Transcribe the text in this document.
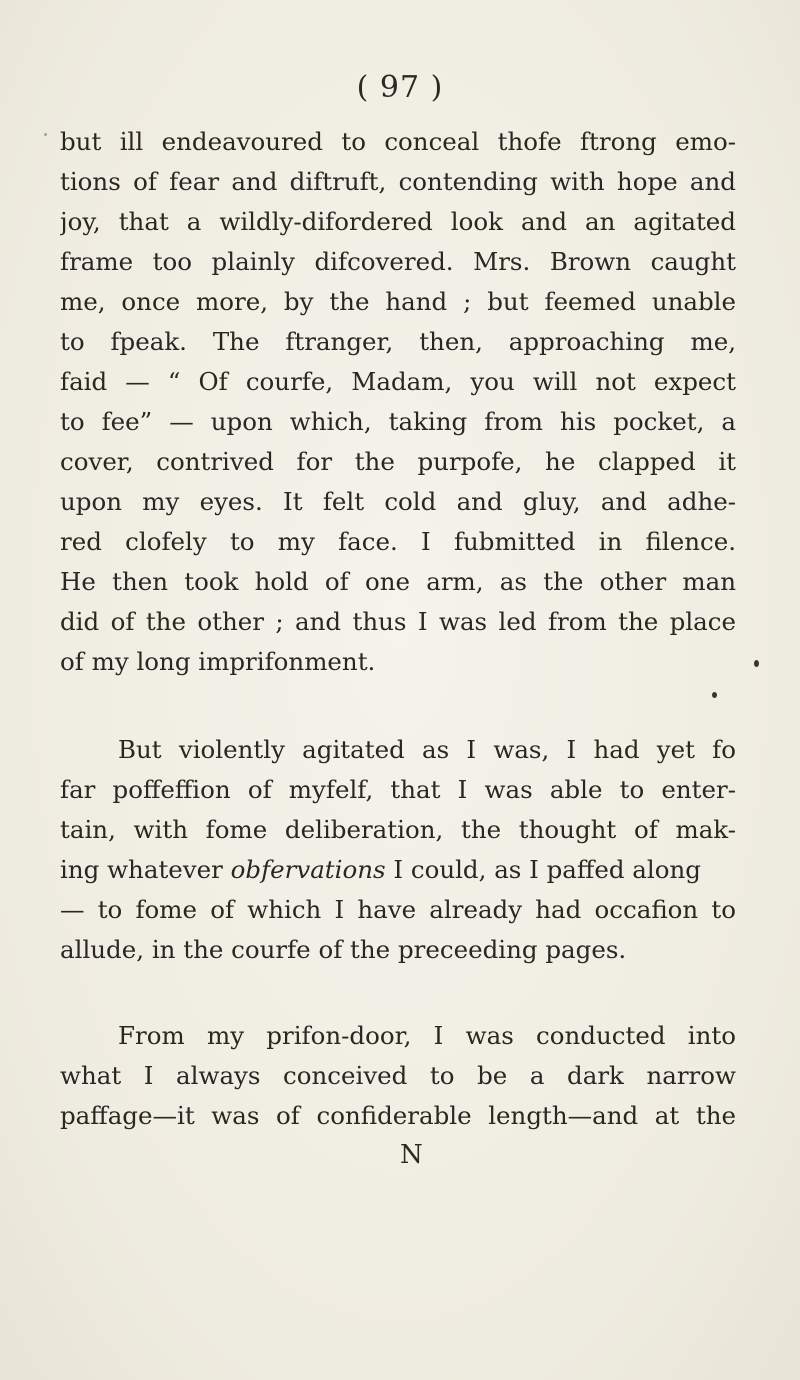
( 97 )
but ill endeavoured to conceal thofe ftrong emo-
tions of fear and diftruft, contending with hope and
joy, that a wildly-difordered look and an agitated
frame too plainly difcovered. Mrs. Brown caught
me, once more, by the hand ; but feemed unable
to fpeak. The ftranger, then, approaching me,
faid — “ Of courfe, Madam, you will not expect
to fee” — upon which, taking from his pocket, a
cover, contrived for the purpofe, he clapped it
upon my eyes. It felt cold and gluy, and adhe-
red clofely to my face. I fubmitted in filence.
He then took hold of one arm, as the other man
did of the other ; and thus I was led from the place
of my long imprifonment.
But violently agitated as I was, I had yet fo
far poffeffion of myfelf, that I was able to enter-
tain, with fome deliberation, the thought of mak-
ing whatever obfervations I could, as I paffed along
— to fome of which I have already had occafion to
allude, in the courfe of the preceeding pages.
From my prifon-door, I was conducted into
what I always conceived to be a dark narrow
paffage—it was of confiderable length—and at the
N
